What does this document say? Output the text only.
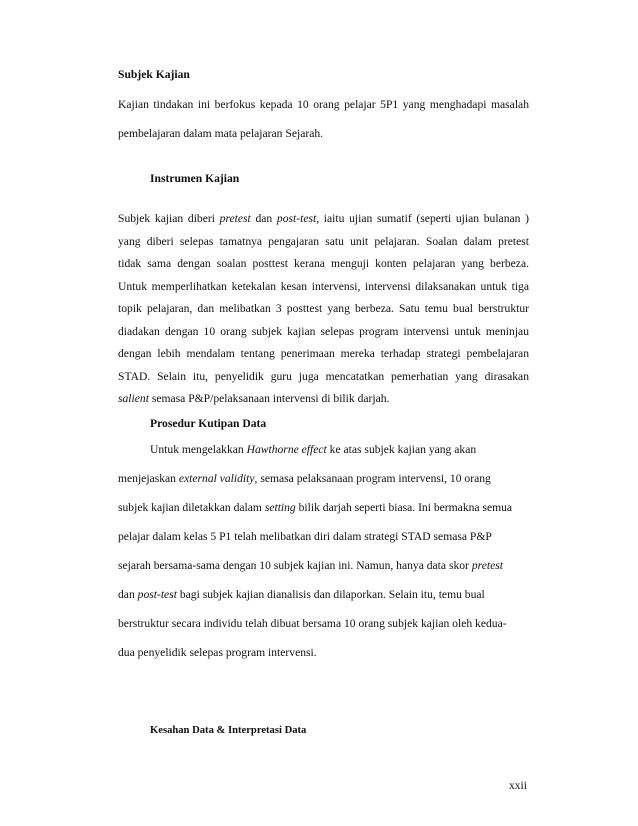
Subjek Kajian
Kajian tindakan ini berfokus kepada 10 orang pelajar 5P1 yang menghadapi masalah
pembelajaran dalam mata pelajaran Sejarah.
Instrumen Kajian
Subjek kajian diberi pretest dan post-test, iaitu ujian sumatif (seperti ujian bulanan )
yang diberi selepas tamatnya pengajaran satu unit pelajaran. Soalan dalam pretest
tidak sama dengan soalan posttest kerana menguji konten pelajaran yang berbeza.
Untuk memperlihatkan ketekalan kesan intervensi, intervensi dilaksanakan untuk tiga
topik pelajaran, dan melibatkan 3 posttest yang berbeza. Satu temu bual berstruktur
diadakan dengan 10 orang subjek kajian selepas program intervensi untuk meninjau
dengan lebih mendalam tentang penerimaan mereka terhadap strategi pembelajaran
STAD. Selain itu, penyelidik guru juga mencatatkan pemerhatian yang dirasakan
salient semasa P&P/pelaksanaan intervensi di bilik darjah.
Prosedur Kutipan Data
Untuk mengelakkan Hawthorne effect ke atas subjek kajian yang akan
menjejaskan external validity, semasa pelaksanaan program intervensi, 10 orang
subjek kajian diletakkan dalam setting bilik darjah seperti biasa. Ini bermakna semua
pelajar dalam kelas 5 P1 telah melibatkan diri dalam strategi STAD semasa P&P
sejarah bersama-sama dengan 10 subjek kajian ini. Namun, hanya data skor pretest
dan post-test bagi subjek kajian dianalisis dan dilaporkan. Selain itu, temu bual
berstruktur secara individu telah dibuat bersama 10 orang subjek kajian oleh kedua-
dua penyelidik selepas program intervensi.
Kesahan Data & Interpretasi Data
xxii
